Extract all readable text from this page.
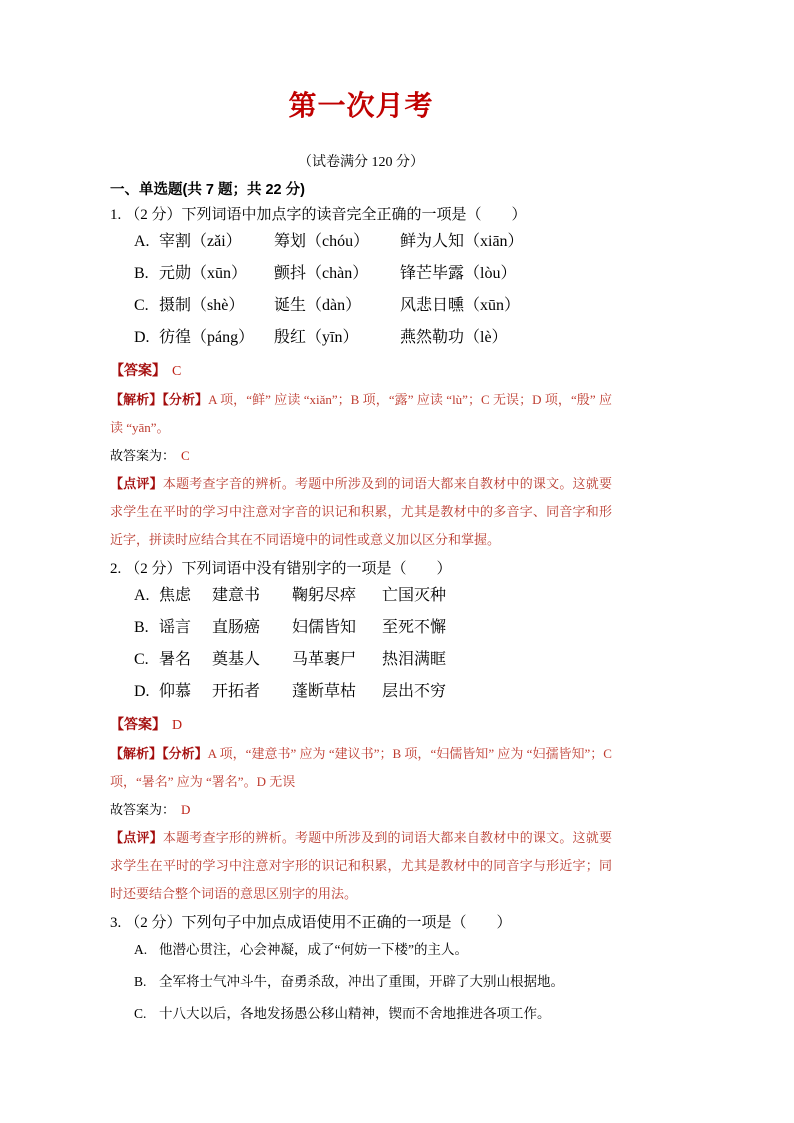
第一次月考
（试卷满分 120 分）
一、单选题(共 7 题；共 22 分)

1. （2 分）下列词语中加点字的读音完全正确的一项是（　　）

A. 宰割（zǎi）	筹划（chóu）	鲜为人知（xiān）
B. 元勋（xūn）	颤抖（chàn）	锋芒毕露（lòu）
C. 摄制（shè）	诞生（dàn）	风悲日曛（xūn）
D. 彷徨（páng）	殷红（yīn）	燕然勒功（lè）

【答案】 C

【解析】【分析】A 项，“鲜” 应读 “xiǎn”；B 项，“露” 应读 “lù”；C 无误；D 项，“殷” 应读 “yān”。

故答案为： C

【点评】本题考查字音的辨析。考题中所涉及到的词语大都来自教材中的课文。这就要求学生在平时的学习中注意对字音的识记和积累，尤其是教材中的多音字、同音字和形近字，拼读时应结合其在不同语境中的词性或意义加以区分和掌握。

2. （2 分）下列词语中没有错别字的一项是（　　）

A. 焦虑	建意书	鞠躬尽瘁	亡国灭种
B. 谣言	直肠癌	妇儒皆知	至死不懈
C. 暑名	奠基人	马革裹尸	热泪满眶
D. 仰慕	开拓者	蓬断草枯	层出不穷

【答案】 D

【解析】【分析】A 项，“建意书” 应为 “建议书”；B 项，“妇儒皆知” 应为 “妇孺皆知”；C 项，“暑名” 应为 “署名”。D 无误

故答案为： D

【点评】本题考查字形的辨析。考题中所涉及到的词语大都来自教材中的课文。这就要求学生在平时的学习中注意对字形的识记和积累，尤其是教材中的同音字与形近字；同时还要结合整个词语的意思区别字的用法。

3. （2 分）下列句子中加点成语使用不正确的一项是（　　）

A. 他潜心贯注，心会神凝，成了“何妨一下楼”的主人。
B. 全军将士气冲斗牛，奋勇杀敌，冲出了重围，开辟了大别山根据地。
C. 十八大以后，各地发扬愚公移山精神，锲而不舍地推进各项工作。
